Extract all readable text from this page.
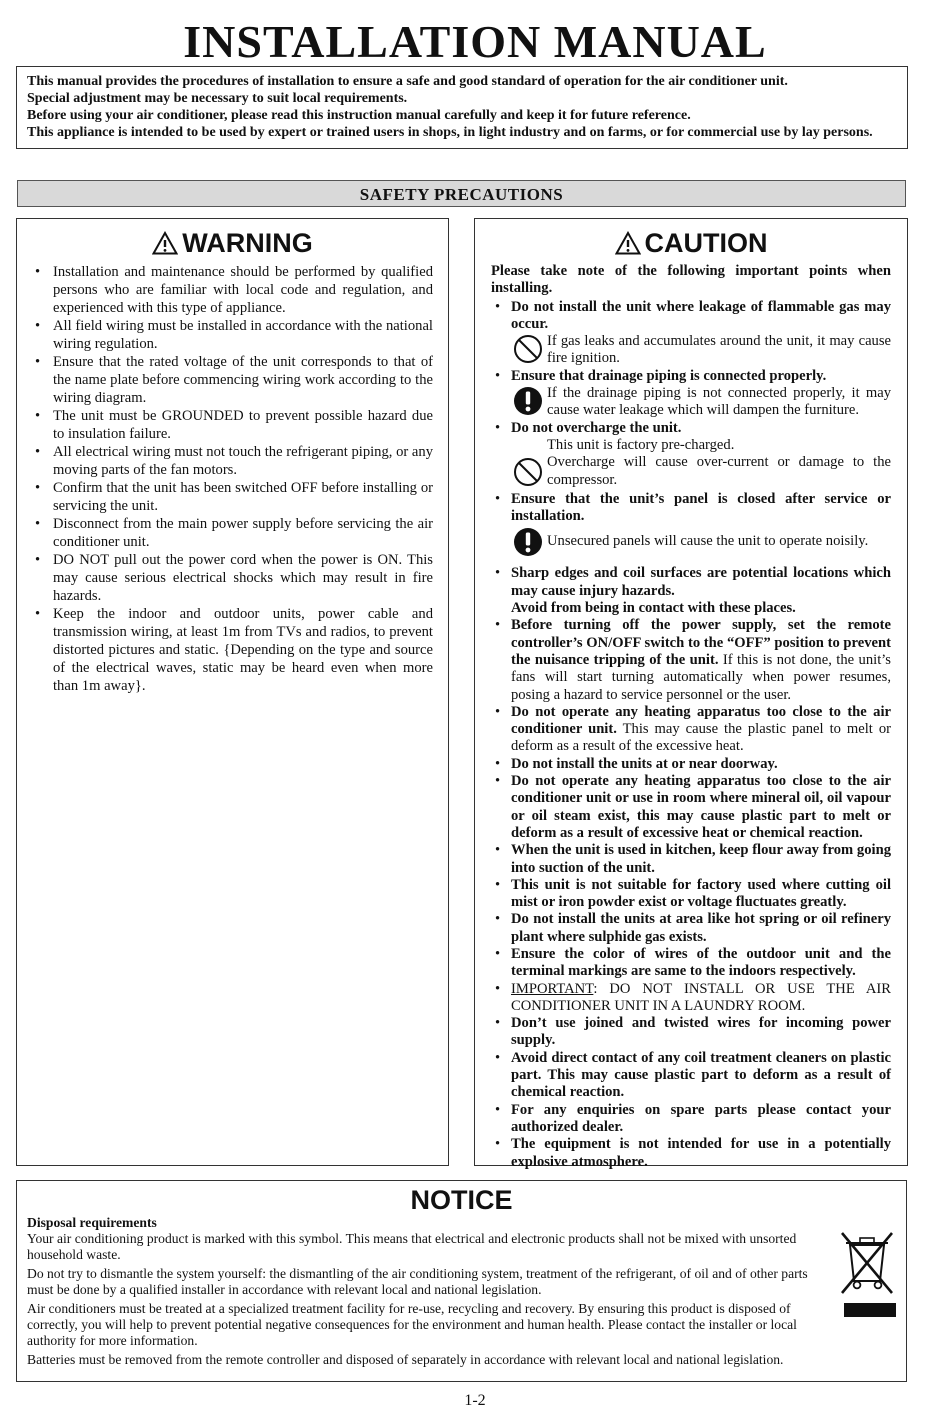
INSTALLATION MANUAL

This manual provides the procedures of installation to ensure a safe and good standard of operation for the air conditioner unit.

Special adjustment may be necessary to suit local requirements.

Before using your air conditioner, please read this instruction manual carefully and keep it for future reference.

This appliance is intended to be used by expert or trained users in shops, in light industry and on farms, or for commercial use by lay persons.

SAFETY PRECAUTIONS
WARNING
• Installation and maintenance should be performed by qualified persons who are familiar with local code and regulation, and experienced with this type of appliance.
• All field wiring must be installed in accordance with the national wiring regulation.
• Ensure that the rated voltage of the unit corresponds to that of the name plate before commencing wiring work according to the wiring diagram.
• The unit must be GROUNDED to prevent possible hazard due to insulation failure.
• All electrical wiring must not touch the refrigerant piping, or any moving parts of the fan motors.
• Confirm that the unit has been switched OFF before installing or servicing the unit.
• Disconnect from the main power supply before servicing the air conditioner unit.
• DO NOT pull out the power cord when the power is ON. This may cause serious electrical shocks which may result in fire hazards.
• Keep the indoor and outdoor units, power cable and transmission wiring, at least 1m from TVs and radios, to prevent distorted pictures and static. {Depending on the type and source of the electrical waves, static may be heard even when more than 1m away}.
CAUTION
Please take note of the following important points when installing.
• Do not install the unit where leakage of flammable gas may occur.
If gas leaks and accumulates around the unit, it may cause fire ignition.
• Ensure that drainage piping is connected properly.
If the drainage piping is not connected properly, it may cause water leakage which will dampen the furniture.
• Do not overcharge the unit.
This unit is factory pre-charged.
Overcharge will cause over-current or damage to the compressor.
• Ensure that the unit’s panel is closed after service or installation.
Unsecured panels will cause the unit to operate noisily.
• Sharp edges and coil surfaces are potential locations which may cause injury hazards.
Avoid from being in contact with these places.
• Before turning off the power supply, set the remote controller’s ON/OFF switch to the “OFF” position to prevent the nuisance tripping of the unit. If this is not done, the unit’s fans will start turning automatically when power resumes, posing a hazard to service personnel or the user.
• Do not operate any heating apparatus too close to the air conditioner unit. This may cause the plastic panel to melt or deform as a result of the excessive heat.
• Do not install the units at or near doorway.
• Do not operate any heating apparatus too close to the air conditioner unit or use in room where mineral oil, oil vapour or oil steam exist, this may cause plastic part to melt or deform as a result of excessive heat or chemical reaction.
• When the unit is used in kitchen, keep flour away from going into suction of the unit.
• This unit is not suitable for factory used where cutting oil mist or iron powder exist or voltage fluctuates greatly.
• Do not install the units at area like hot spring or oil refinery plant where sulphide gas exists.
• Ensure the color of wires of the outdoor unit and the terminal markings are same to the indoors respectively.
• IMPORTANT: DO NOT INSTALL OR USE THE AIR CONDITIONER UNIT IN A LAUNDRY ROOM.
• Don’t use joined and twisted wires for incoming power supply.
• Avoid direct contact of any coil treatment cleaners on plastic part. This may cause plastic part to deform as a result of chemical reaction.
• For any enquiries on spare parts please contact your authorized dealer.
• The equipment is not intended for use in a potentially explosive atmosphere.
NOTICE
Disposal requirements

Your air conditioning product is marked with this symbol. This means that electrical and electronic products shall not be mixed with unsorted household waste.

Do not try to dismantle the system yourself: the dismantling of the air conditioning system, treatment of the refrigerant, of oil and of other parts must be done by a qualified installer in accordance with relevant local and national legislation.

Air conditioners must be treated at a specialized treatment facility for re-use, recycling and recovery. By ensuring this product is disposed of correctly, you will help to prevent potential negative consequences for the environment and human health. Please contact the installer or local authority for more information.

Batteries must be removed from the remote controller and disposed of separately in accordance with relevant local and national legislation.

1-2
